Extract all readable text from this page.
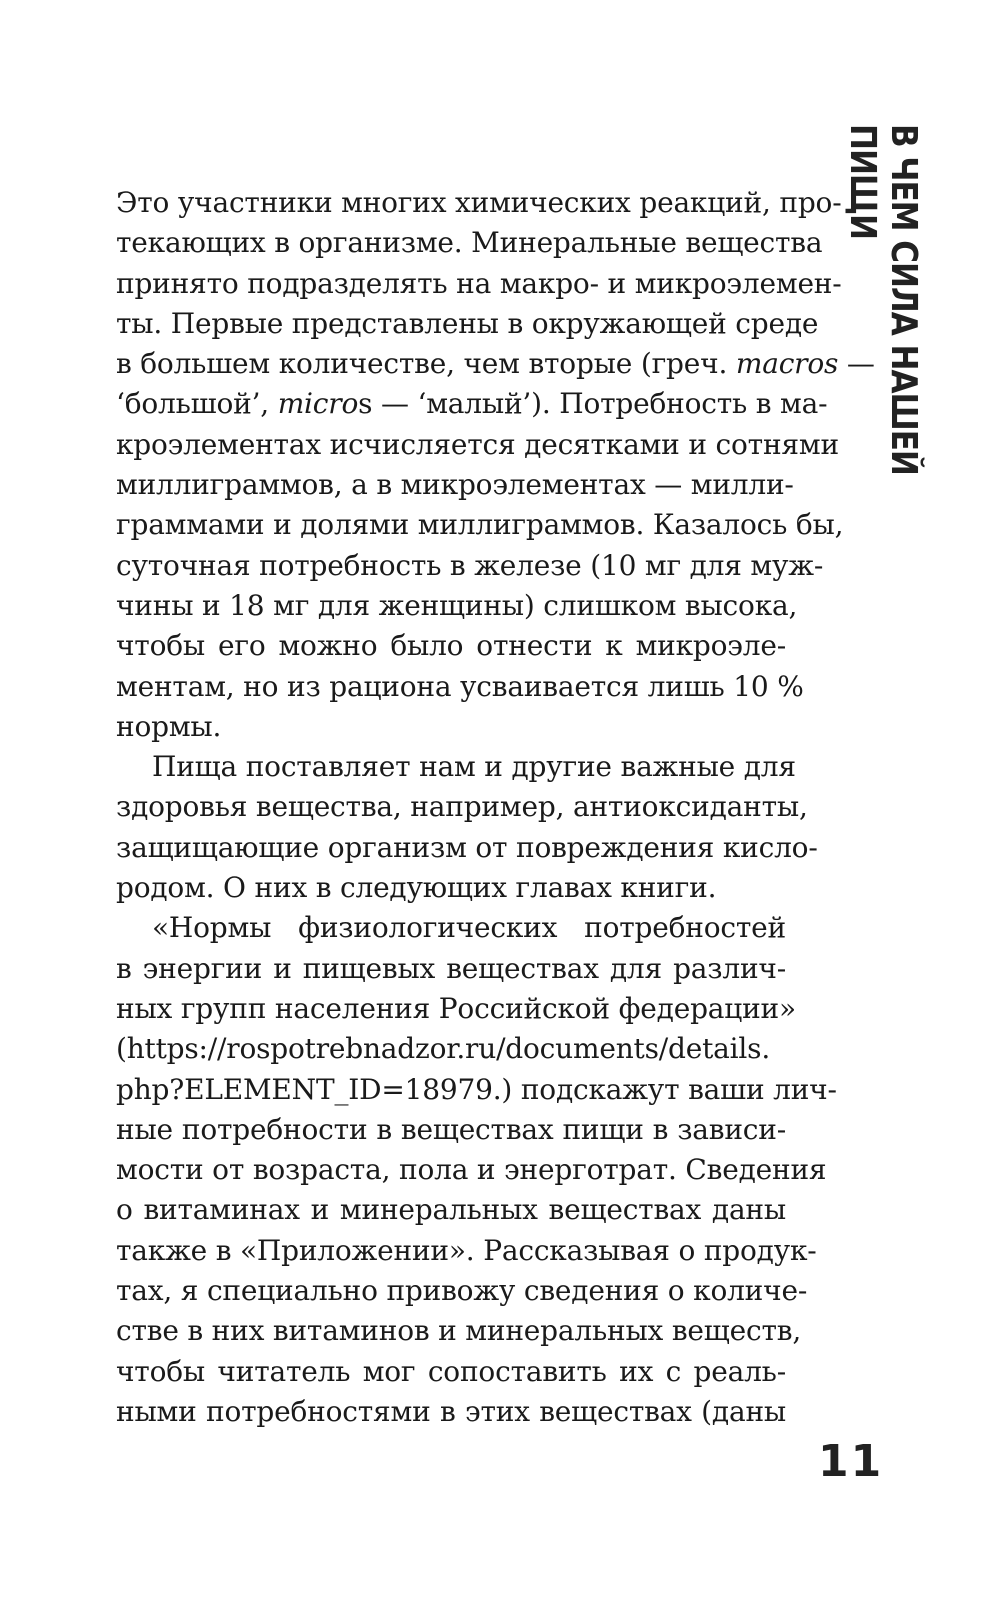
Это участники многих химических реакций, про-
текающих в организме. Минеральные вещества
принято подразделять на макро- и микроэлемен-
ты. Первые представлены в окружающей среде
в большем количестве, чем вторые (греч. macros —
‘большой’, micros — ‘малый’). Потребность в ма-
кроэлементах исчисляется десятками и сотнями
миллиграммов, а в микроэлементах — милли-
граммами и долями миллиграммов. Казалось бы,
суточная потребность в железе (10 мг для муж-
чины и 18 мг для женщины) слишком высока,
чтобы его можно было отнести к микроэле-
ментам, но из рациона усваивается лишь 10 %
нормы.
Пища поставляет нам и другие важные для
здоровья вещества, например, антиоксиданты,
защищающие организм от повреждения кисло-
родом. О них в следующих главах книги.
«Нормы физиологических потребностей
в энергии и пищевых веществах для различ-
ных групп населения Российской федерации»
(https://rospotrebnadzor.ru/documents/details.
php?ELEMENT_ID=18979.) подскажут ваши лич-
ные потребности в веществах пищи в зависи-
мости от возраста, пола и энерготрат. Сведения
о витаминах и минеральных веществах даны
также в «Приложении». Рассказывая о продук-
тах, я специально привожу сведения о количе-
стве в них витаминов и минеральных веществ,
чтобы читатель мог сопоставить их с реаль-
ными потребностями в этих веществах (даны
В ЧЕМ СИЛА НАШЕЙ ПИЩИ
11
